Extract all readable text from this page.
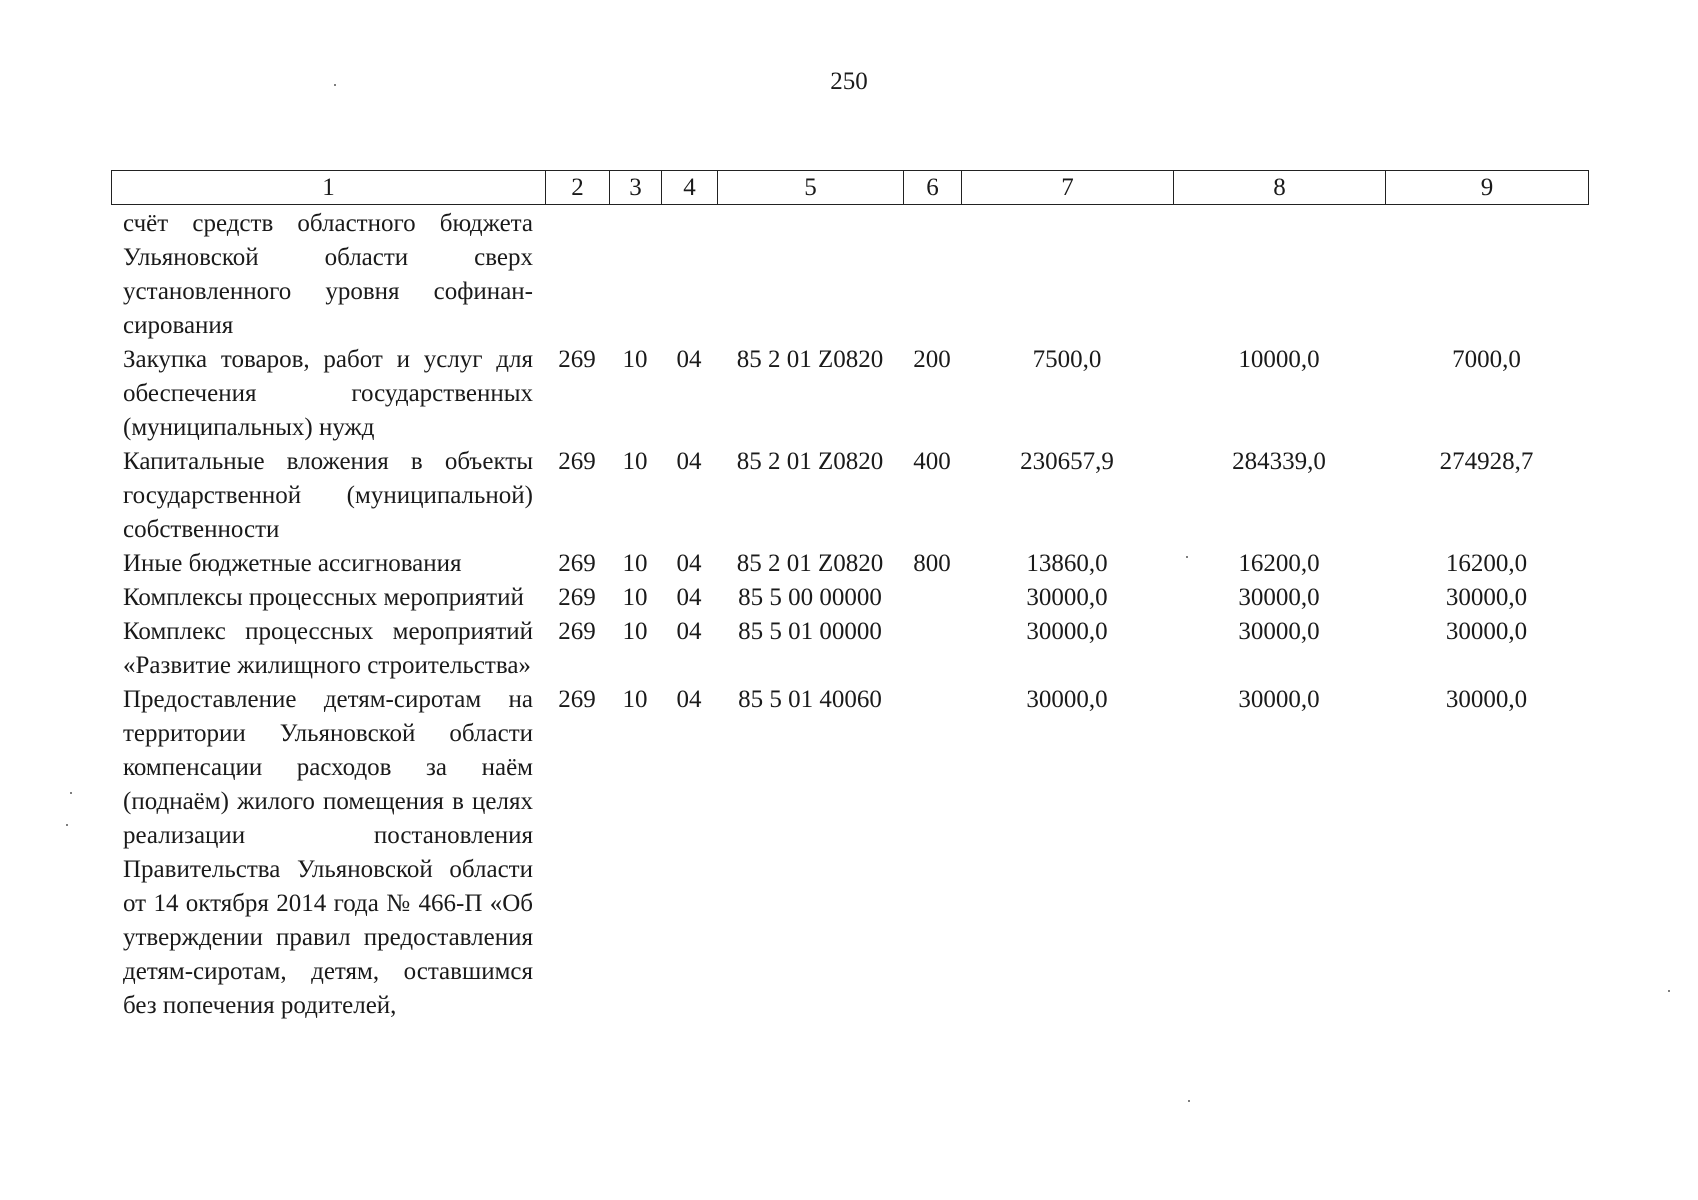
250
1	2	3	4	5	6	7	8	9
счёт средств областного бюджета Ульяновской области сверх установленного уровня софинансирования								
Закупка товаров, работ и услуг для обеспечения государственных (муниципальных) нужд	269	10	04	85 2 01 Z0820	200	7500,0	10000,0	7000,0
Капитальные вложения в объекты государственной (муниципальной) собственности	269	10	04	85 2 01 Z0820	400	230657,9	284339,0	274928,7
Иные бюджетные ассигнования	269	10	04	85 2 01 Z0820	800	13860,0	16200,0	16200,0
Комплексы процессных мероприятий	269	10	04	85 5 00 00000		30000,0	30000,0	30000,0
Комплекс процессных мероприятий «Развитие жилищного строительства»	269	10	04	85 5 01 00000		30000,0	30000,0	30000,0
Предоставление детям-сиротам на территории Ульяновской области компенсации расходов за наём (поднаём) жилого помещения в целях реализации постановления Правительства Ульяновской области от 14 октября 2014 года № 466-П «Об утверждении правил предоставления детям-сиротам, детям, оставшимся без попечения родителей,	269	10	04	85 5 01 40060		30000,0	30000,0	30000,0
